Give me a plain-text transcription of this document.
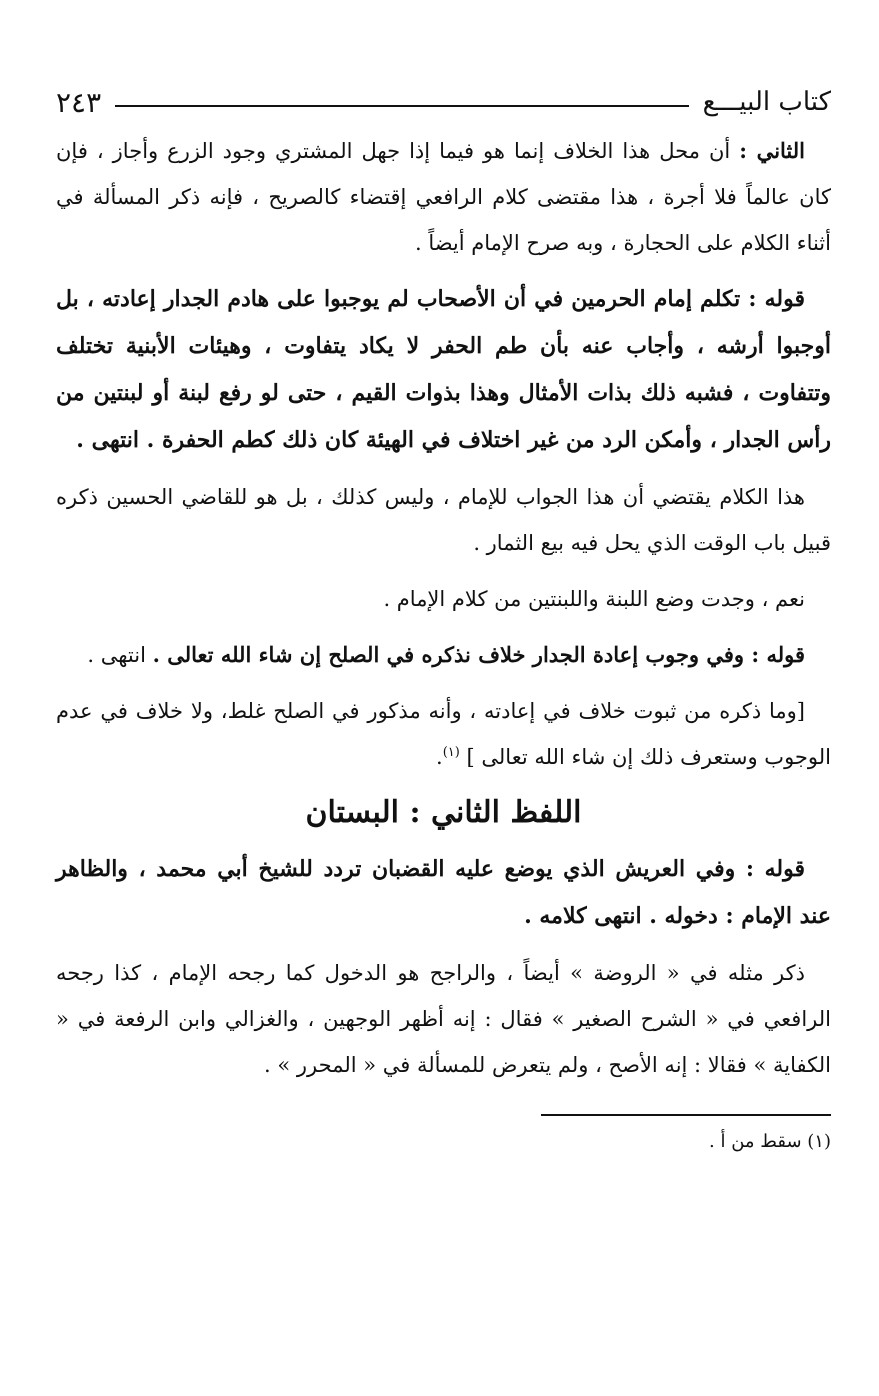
كتاب البيـــع
٢٤٣

الثاني : أن محل هذا الخلاف إنما هو فيما إذا جهل المشتري وجود الزرع وأجاز ، فإن كان عالماً فلا أجرة ، هذا مقتضى كلام الرافعي إقتضاء كالصريح ، فإنه ذكر المسألة في أثناء الكلام على الحجارة ، وبه صرح الإمام أيضاً .

قوله : تكلم إمام الحرمين في أن الأصحاب لم يوجبوا على هادم الجدار إعادته ، بل أوجبوا أرشه ، وأجاب عنه بأن طم الحفر لا يكاد يتفاوت ، وهيئات الأبنية تختلف وتتفاوت ، فشبه ذلك بذات الأمثال وهذا بذوات القيم ، حتى لو رفع لبنة أو لبنتين من رأس الجدار ، وأمكن الرد من غير اختلاف في الهيئة كان ذلك كطم الحفرة . انتهى .

هذا الكلام يقتضي أن هذا الجواب للإمام ، وليس كذلك ، بل هو للقاضي الحسين ذكره قبيل باب الوقت الذي يحل فيه بيع الثمار .

نعم ، وجدت وضع اللبنة واللبنتين من كلام الإمام .

قوله : وفي وجوب إعادة الجدار خلاف نذكره في الصلح إن شاء الله تعالى . انتهى .

[وما ذكره من ثبوت خلاف في إعادته ، وأنه مذكور في الصلح غلط، ولا خلاف في عدم الوجوب وستعرف ذلك إن شاء الله تعالى ] $^{(١)}$.

اللفظ الثاني : البستان

قوله : وفي العريش الذي يوضع عليه القضبان تردد للشيخ أبي محمد ، والظاهر عند الإمام : دخوله . انتهى كلامه .

ذكر مثله في « الروضة » أيضاً ، والراجح هو الدخول كما رجحه الإمام ، كذا رجحه الرافعي في « الشرح الصغير » فقال : إنه أظهر الوجهين ، والغزالي وابن الرفعة في « الكفاية » فقالا : إنه الأصح ، ولم يتعرض للمسألة في « المحرر » .

(١) سقط من أ .
